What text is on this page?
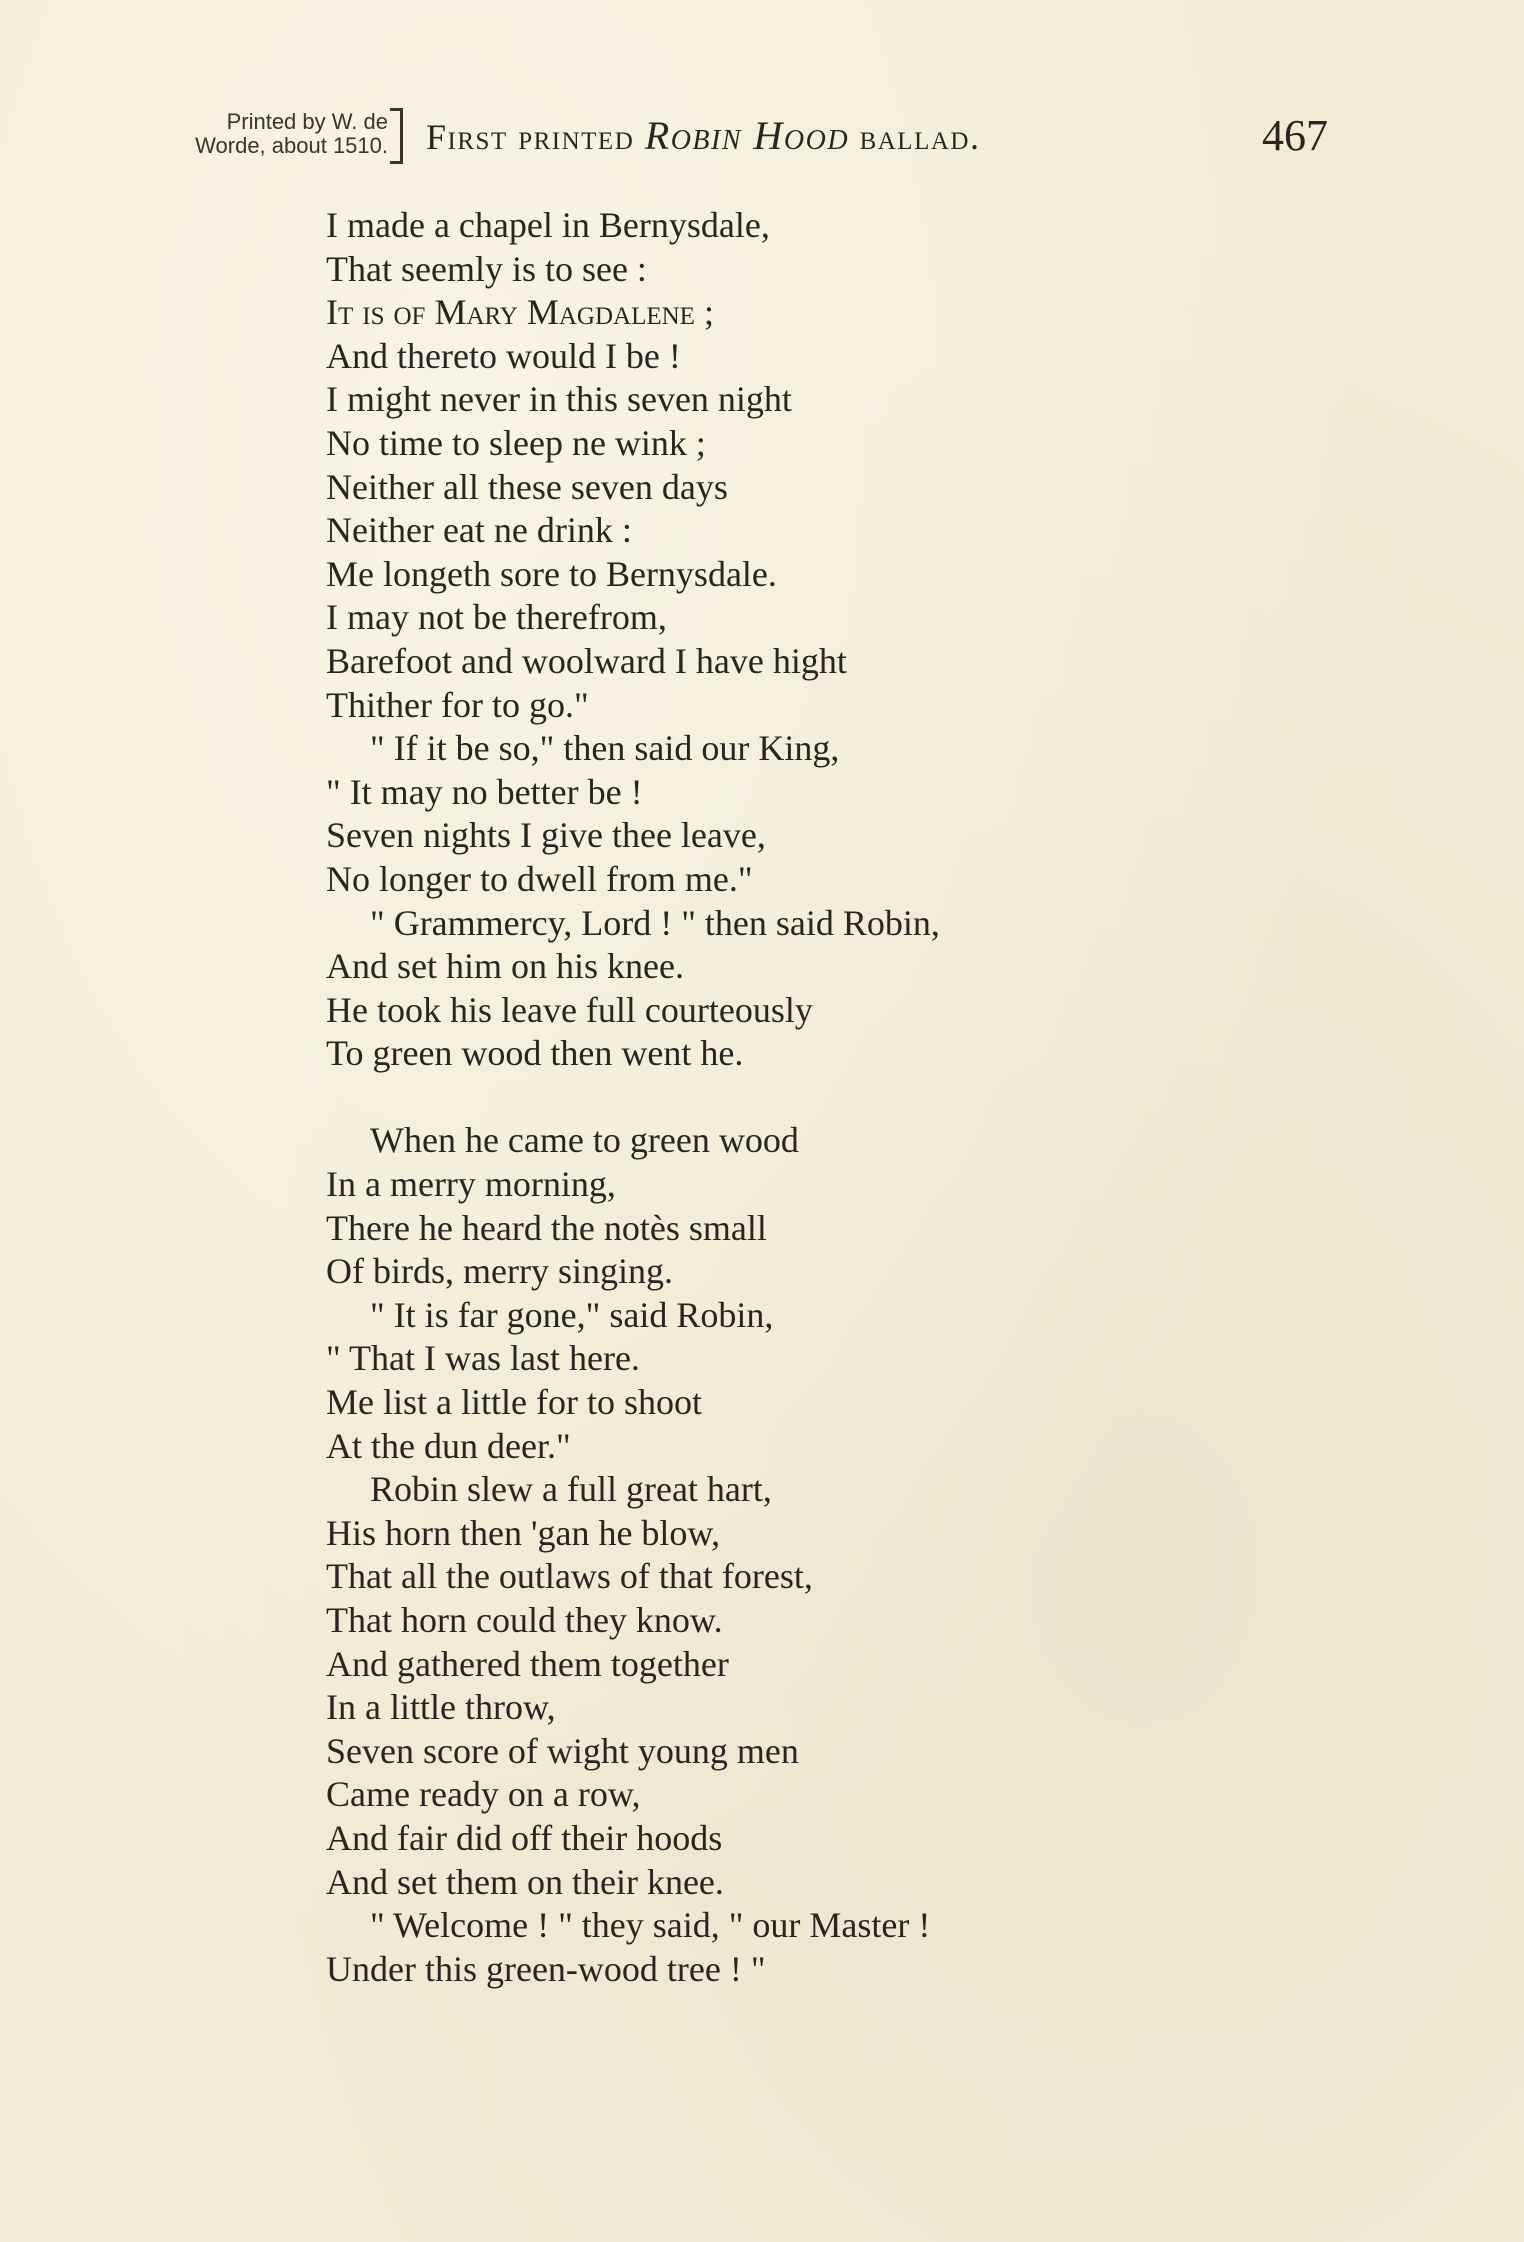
Printed by W. de
Worde, about 1510. First printed Robin Hood ballad.	467
I made a chapel in Bernysdale,
That seemly is to see :
It is of Mary Magdalene ;
And thereto would I be !
I might never in this seven night
No time to sleep ne wink ;
Neither all these seven days
Neither eat ne drink :
Me longeth sore to Bernysdale.
I may not be therefrom,
Barefoot and woolward I have hight
Thither for to go."
" If it be so," then said our King,
" It may no better be !
Seven nights I give thee leave,
No longer to dwell from me."
" Grammercy, Lord ! " then said Robin,
And set him on his knee.
He took his leave full courteously
To green wood then went he.
When he came to green wood
In a merry morning,
There he heard the notès small
Of birds, merry singing.
" It is far gone," said Robin,
" That I was last here.
Me list a little for to shoot
At the dun deer."
Robin slew a full great hart,
His horn then 'gan he blow,
That all the outlaws of that forest,
That horn could they know.
And gathered them together
In a little throw,
Seven score of wight young men
Came ready on a row,
And fair did off their hoods
And set them on their knee.
" Welcome ! " they said, " our Master !
Under this green-wood tree ! "
